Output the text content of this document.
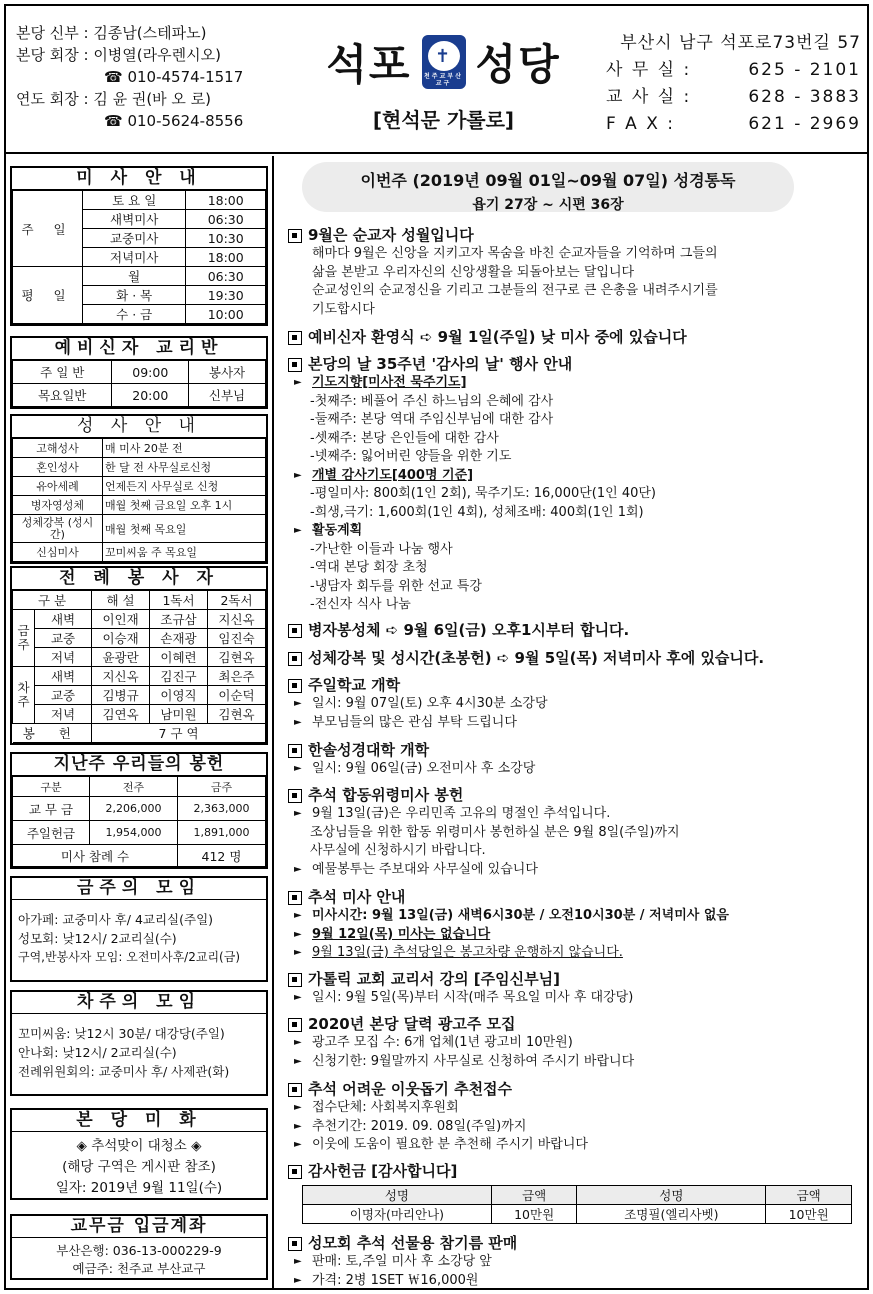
본당 신부 : 김종남(스테파노)
본당 회장 : 이병열(라우렌시오)
☎ 010-4574-1517
연도 회장 : 김 윤 권(바 오 로)
☎ 010-5624-8556
석포	✝
천주교부산교구 성당
[현석문 가롤로]
부산시 남구 석포로73번길 57
사 무 실 :	625 - 2101
교 사 실 :	628 - 3883
F A X :	621 - 2969
미 사 안 내
주 일	토 요 일	18:00
	새벽미사	06:30
	교중미사	10:30
	저녁미사	18:00
평 일	월	06:30
	화 · 목	19:30
	수 · 금	10:00
예비신자 교리반
주 일 반	09:00	봉사자
목요일반	20:00	신부님
성 사 안 내
고해성사	매 미사 20분 전
혼인성사	한 달 전 사무실로신청
유아세례	언제든지 사무실로 신청
병자영성체	매월 첫째 금요일 오후 1시
성체강복 (성시간)	매월 첫째 목요일
신심미사	꼬미씨움 주 목요일
전 례 봉 사 자
구 분		해 설	1독서	2독서
금주	새벽	이인재	조규삼	지신옥
	교중	이승재	손재광	임진숙
	저녁	윤광란	이혜련	김현옥
차주	새벽	지신옥	김진구	최은주
	교중	김병규	이영직	이순덕
	저녁	김연옥	남미원	김현옥
봉 헌		7 구 역		
지난주 우리들의 봉헌
구분	전주	금주
교 무 금	2,206,000	2,363,000
주일헌금	1,954,000	1,891,000
미사 참례 수		412 명
금주의 모임
아가페: 교중미사 후/ 4교리실(주일)
성모회: 낮12시/ 2교리실(수)
구역,반봉사자 모임: 오전미사후/2교리(금)
차주의 모임
꼬미씨움: 낮12시 30분/ 대강당(주일)
안나회: 낮12시/ 2교리실(수)
전례위원회의: 교중미사 후/ 사제관(화)
본 당 미 화
◈ 추석맞이 대청소 ◈
(해당 구역은 게시판 참조)
일자: 2019년 9월 11일(수)
교무금 입금계좌
부산은행: 036-13-000229-9
예금주: 천주교 부산교구
이번주 (2019년 09월 01일~09월 07일) 성경통독
욥기 27장 ~ 시편 36장
9월은 순교자 성월입니다
해마다 9월은 신앙을 지키고자 목숨을 바친 순교자들을 기억하며 그들의
삶을 본받고 우리자신의 신앙생활을 되돌아보는 달입니다
순교성인의 순교정신을 기리고 그분들의 전구로 큰 은총을 내려주시기를
기도합시다
예비신자 환영식 ➪ 9월 1일(주일) 낮 미사 중에 있습니다
본당의 날 35주년 '감사의 날' 행사 안내
► 기도지향[미사전 묵주기도]
-첫째주: 베풀어 주신 하느님의 은혜에 감사
-둘째주: 본당 역대 주임신부님에 대한 감사
-셋째주: 본당 은인들에 대한 감사
-넷째주: 잃어버린 양들을 위한 기도
► 개별 감사기도[400명 기준]
-평일미사: 800회(1인 2회), 묵주기도: 16,000단(1인 40단)
-희생,극기: 1,600회(1인 4회), 성체조배: 400회(1인 1회)
► 활동계획
-가난한 이들과 나눔 행사
-역대 본당 회장 초청
-냉담자 회두를 위한 선교 특강
-전신자 식사 나눔
병자봉성체 ➪ 9월 6일(금) 오후1시부터 합니다.
성체강복 및 성시간(초봉헌) ➪ 9월 5일(목) 저녁미사 후에 있습니다.
주일학교 개학
► 일시: 9월 07일(토) 오후 4시30분 소강당
► 부모님들의 많은 관심 부탁 드립니다
한솔성경대학 개학
► 일시: 9월 06일(금) 오전미사 후 소강당
추석 합동위령미사 봉헌
► 9월 13일(금)은 우리민족 고유의 명절인 추석입니다.
조상님들을 위한 합동 위령미사 봉헌하실 분은 9월 8일(주일)까지
사무실에 신청하시기 바랍니다.
► 예물봉투는 주보대와 사무실에 있습니다
추석 미사 안내
► 미사시간: 9월 13일(금) 새벽6시30분 / 오전10시30분 / 저녁미사 없음
► 9월 12일(목) 미사는 없습니다
► 9월 13일(금) 추석당일은 봉고차량 운행하지 않습니다.
가톨릭 교회 교리서 강의 [주임신부님]
► 일시: 9월 5일(목)부터 시작(매주 목요일 미사 후 대강당)
2020년 본당 달력 광고주 모집
► 광고주 모집 수: 6개 업체(1년 광고비 10만원)
► 신청기한: 9월말까지 사무실로 신청하여 주시기 바랍니다
추석 어려운 이웃돕기 추천접수
► 접수단체: 사회복지후원회
► 추천기간: 2019. 09. 08일(주일)까지
► 이웃에 도움이 필요한 분 추천해 주시기 바랍니다
감사헌금 [감사합니다]
성명	금액	성명	금액
이명자(마리안나)	10만원	조명필(엘리사벳)	10만원
성모회 추석 선물용 참기름 판매
► 판매: 토,주일 미사 후 소강당 앞
► 가격: 2병 1SET ￦16,000원
